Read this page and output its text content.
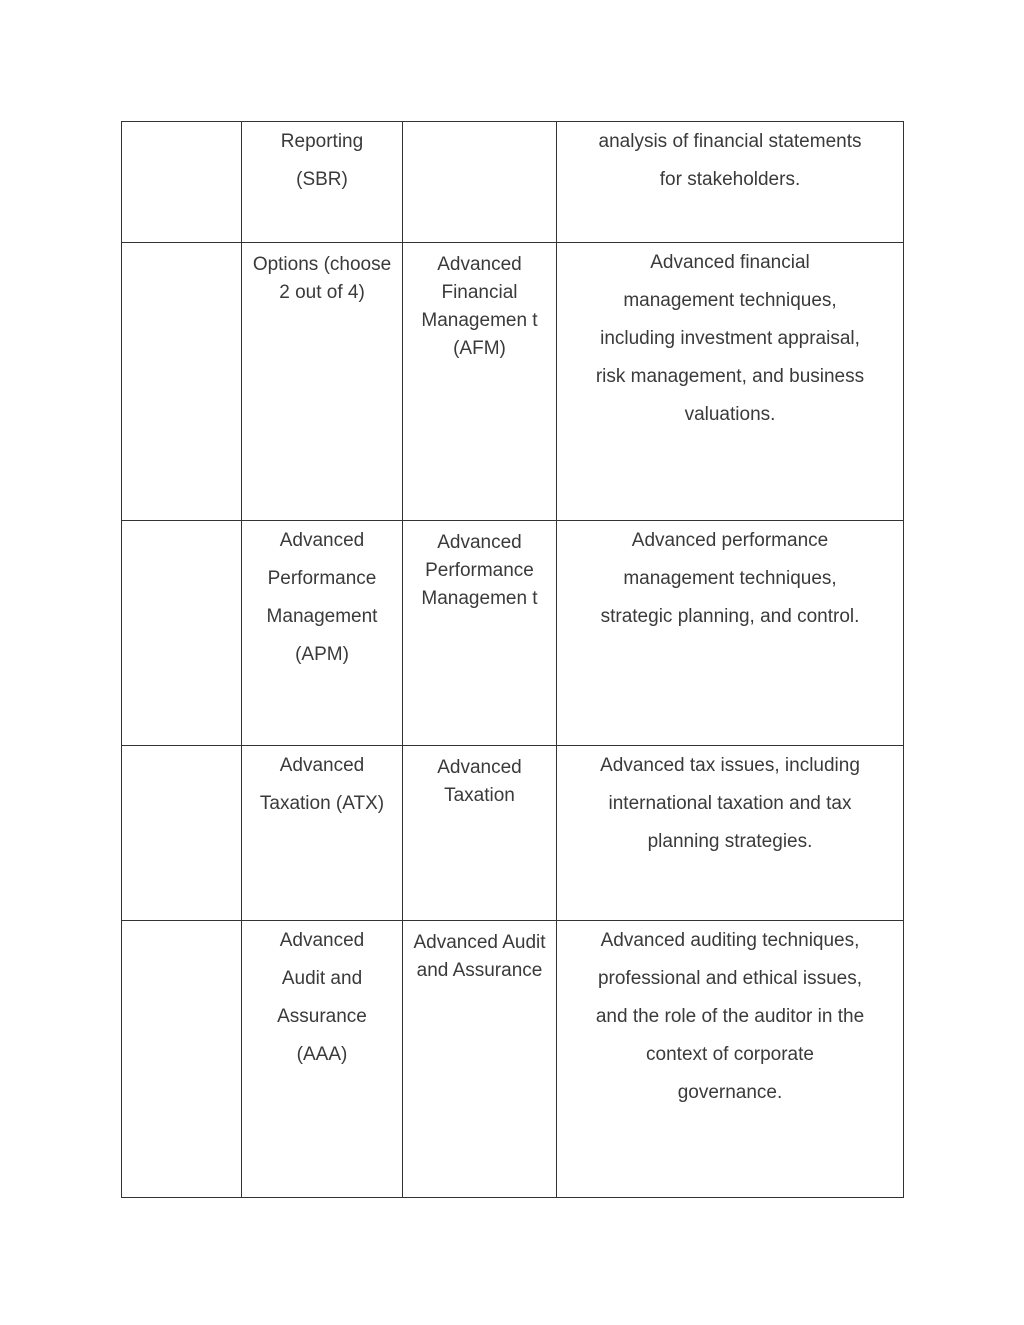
	Reporting
(SBR)		analysis of financial statements
for stakeholders.

	Options (choose 2 out of 4)	Advanced Financial Managemen t (AFM)	Advanced financial
management techniques,
including investment appraisal,
risk management, and business
valuations.

	Advanced
Performance
Management
(APM)	Advanced Performance Managemen t	Advanced performance
management techniques,
strategic planning, and control.

	Advanced
Taxation (ATX)	Advanced Taxation	Advanced tax issues, including
international taxation and tax
planning strategies.

	Advanced
Audit and
Assurance
(AAA)	Advanced Audit and Assurance	Advanced auditing techniques,
professional and ethical issues,
and the role of the auditor in the
context of corporate
governance.
